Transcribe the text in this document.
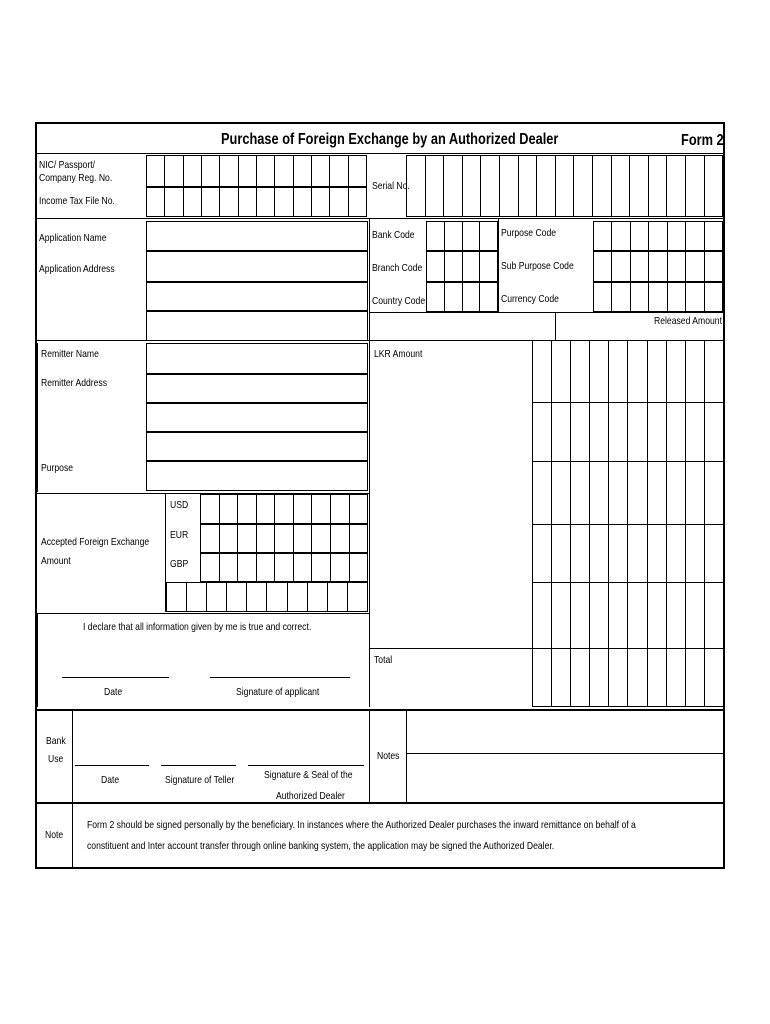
Purchase of Foreign Exchange by an Authorized Dealer	Form 2
NIC/ Passport/
Company Reg. No.
Income Tax File No.
Serial No.
Application Name
Application Address
Bank Code
Branch Code
Country Code
Purpose Code
Sub Purpose Code
Currency Code
Released Amount
Remitter Name
Remitter Address
Purpose
Accepted Foreign Exchange
Amount
USD
EUR
GBP
LKR Amount
Total
I declare that all information given by me is true and correct.
Date	Signature of applicant
Bank
Use
Date	Signature of Teller	Signature & Seal of the
Authorized Dealer
Notes
Note
Form 2 should be signed personally by the beneficiary. In instances where the Authorized Dealer purchases the inward remittance on behalf of a
constituent and Inter account transfer through online banking system, the application may be signed the Authorized Dealer.
